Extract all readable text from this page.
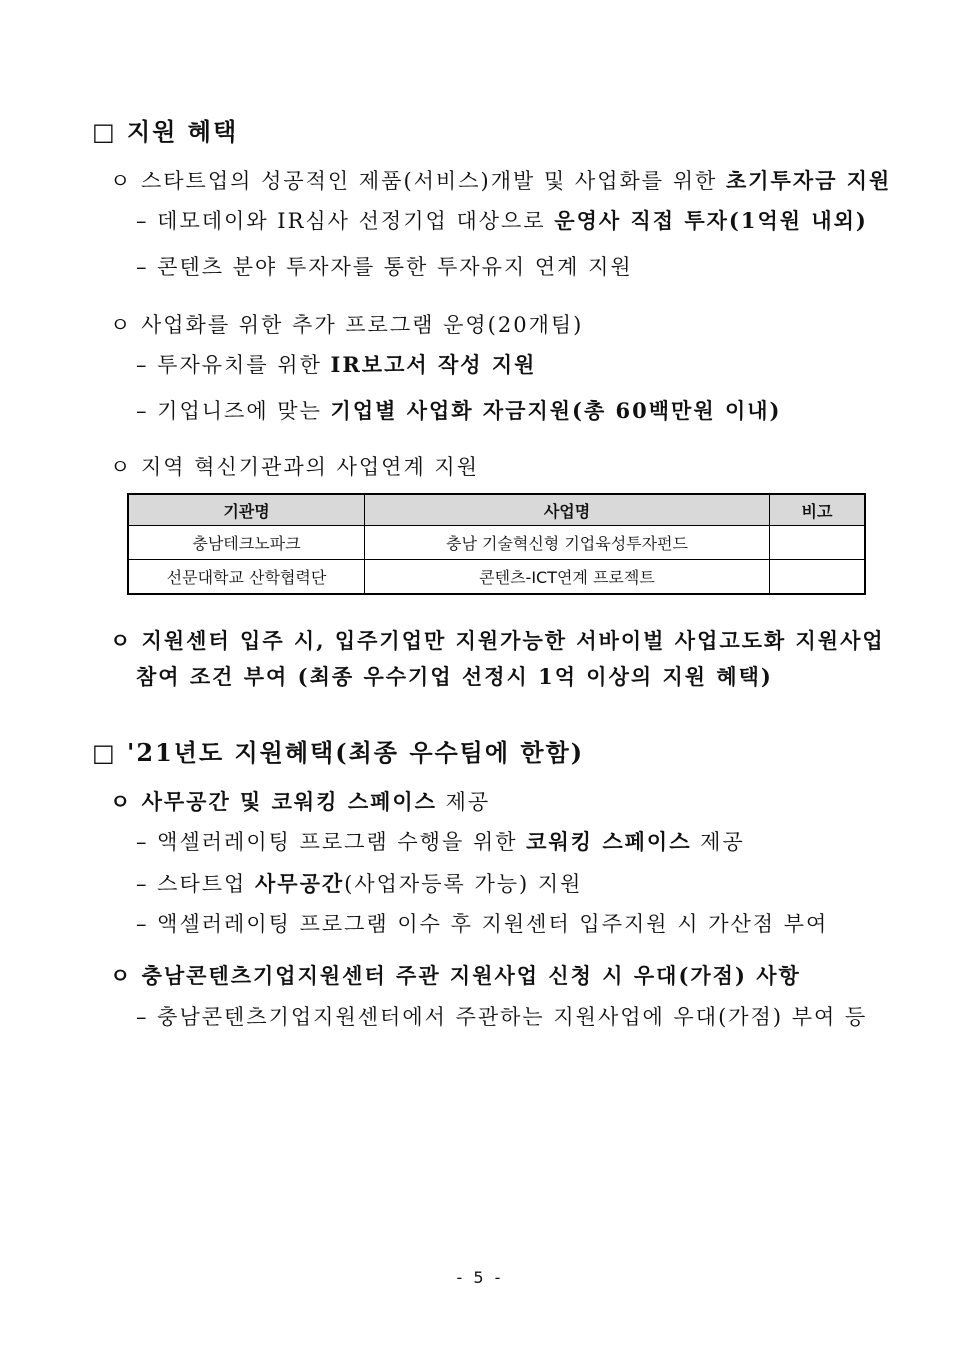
□ 지원 혜택
ㅇ 스타트업의 성공적인 제품(서비스)개발 및 사업화를 위한 초기투자금 지원
– 데모데이와 IR심사 선정기업 대상으로 운영사 직접 투자(1억원 내외)
– 콘텐츠 분야 투자자를 통한 투자유지 연계 지원
ㅇ 사업화를 위한 추가 프로그램 운영(20개팀)
– 투자유치를 위한 IR보고서 작성 지원
– 기업니즈에 맞는 기업별 사업화 자금지원(총 60백만원 이내)
ㅇ 지역 혁신기관과의 사업연계 지원
기관명	사업명	비고
충남테크노파크	충남 기술혁신형 기업육성투자펀드
선문대학교 산학협력단	콘텐츠-ICT연계 프로젝트
ㅇ 지원센터 입주 시, 입주기업만 지원가능한 서바이벌 사업고도화 지원사업
참여 조건 부여 (최종 우수기업 선정시 1억 이상의 지원 혜택)
□ '21년도 지원혜택(최종 우수팀에 한함)
ㅇ 사무공간 및 코워킹 스페이스 제공
– 액셀러레이팅 프로그램 수행을 위한 코워킹 스페이스 제공
– 스타트업 사무공간(사업자등록 가능) 지원
– 액셀러레이팅 프로그램 이수 후 지원센터 입주지원 시 가산점 부여
ㅇ 충남콘텐츠기업지원센터 주관 지원사업 신청 시 우대(가점) 사항
– 충남콘텐츠기업지원센터에서 주관하는 지원사업에 우대(가점) 부여 등
- 5 -
